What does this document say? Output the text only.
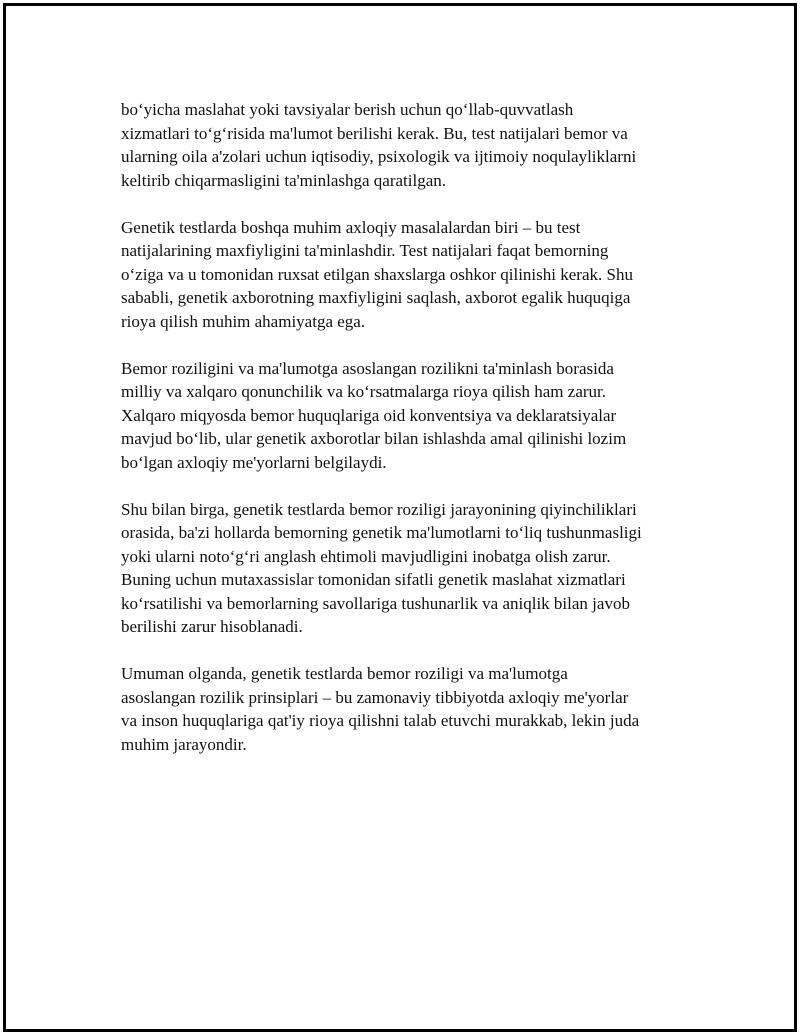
bo‘yicha maslahat yoki tavsiyalar berish uchun qo‘llab-quvvatlash
xizmatlari to‘g‘risida ma'lumot berilishi kerak. Bu, test natijalari bemor va
ularning oila a'zolari uchun iqtisodiy, psixologik va ijtimoiy noqulayliklarni
keltirib chiqarmasligini ta'minlashga qaratilgan.

Genetik testlarda boshqa muhim axloqiy masalalardan biri – bu test
natijalarining maxfiyligini ta'minlashdir. Test natijalari faqat bemorning
o‘ziga va u tomonidan ruxsat etilgan shaxslarga oshkor qilinishi kerak. Shu
sababli, genetik axborotning maxfiyligini saqlash, axborot egalik huquqiga
rioya qilish muhim ahamiyatga ega.

Bemor roziligini va ma'lumotga asoslangan rozilikni ta'minlash borasida
milliy va xalqaro qonunchilik va ko‘rsatmalarga rioya qilish ham zarur.
Xalqaro miqyosda bemor huquqlariga oid konventsiya va deklaratsiyalar
mavjud bo‘lib, ular genetik axborotlar bilan ishlashda amal qilinishi lozim
bo‘lgan axloqiy me'yorlarni belgilaydi.

Shu bilan birga, genetik testlarda bemor roziligi jarayonining qiyinchiliklari
orasida, ba'zi hollarda bemorning genetik ma'lumotlarni to‘liq tushunmasligi
yoki ularni noto‘g‘ri anglash ehtimoli mavjudligini inobatga olish zarur.
Buning uchun mutaxassislar tomonidan sifatli genetik maslahat xizmatlari
ko‘rsatilishi va bemorlarning savollariga tushunarlik va aniqlik bilan javob
berilishi zarur hisoblanadi.

Umuman olganda, genetik testlarda bemor roziligi va ma'lumotga
asoslangan rozilik prinsiplari – bu zamonaviy tibbiyotda axloqiy me'yorlar
va inson huquqlariga qat'iy rioya qilishni talab etuvchi murakkab, lekin juda
muhim jarayondir.
